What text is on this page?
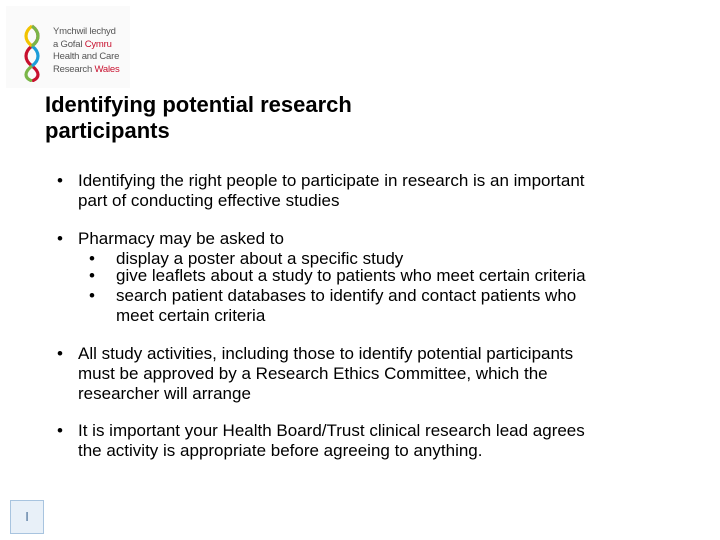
Ymchwil lechyd
a Gofal Cymru
Health and Care
Research Wales
Identifying potential research
participants
• Identifying the right people to participate in research is an important
part of conducting effective studies
• Pharmacy may be asked to
• display a poster about a specific study
• give leaflets about a study to patients who meet certain criteria
• search patient databases to identify and contact patients who
meet certain criteria
• All study activities, including those to identify potential participants
must be approved by a Research Ethics Committee, which the
researcher will arrange
• It is important your Health Board/Trust clinical research lead agrees
the activity is appropriate before agreeing to anything.
I
